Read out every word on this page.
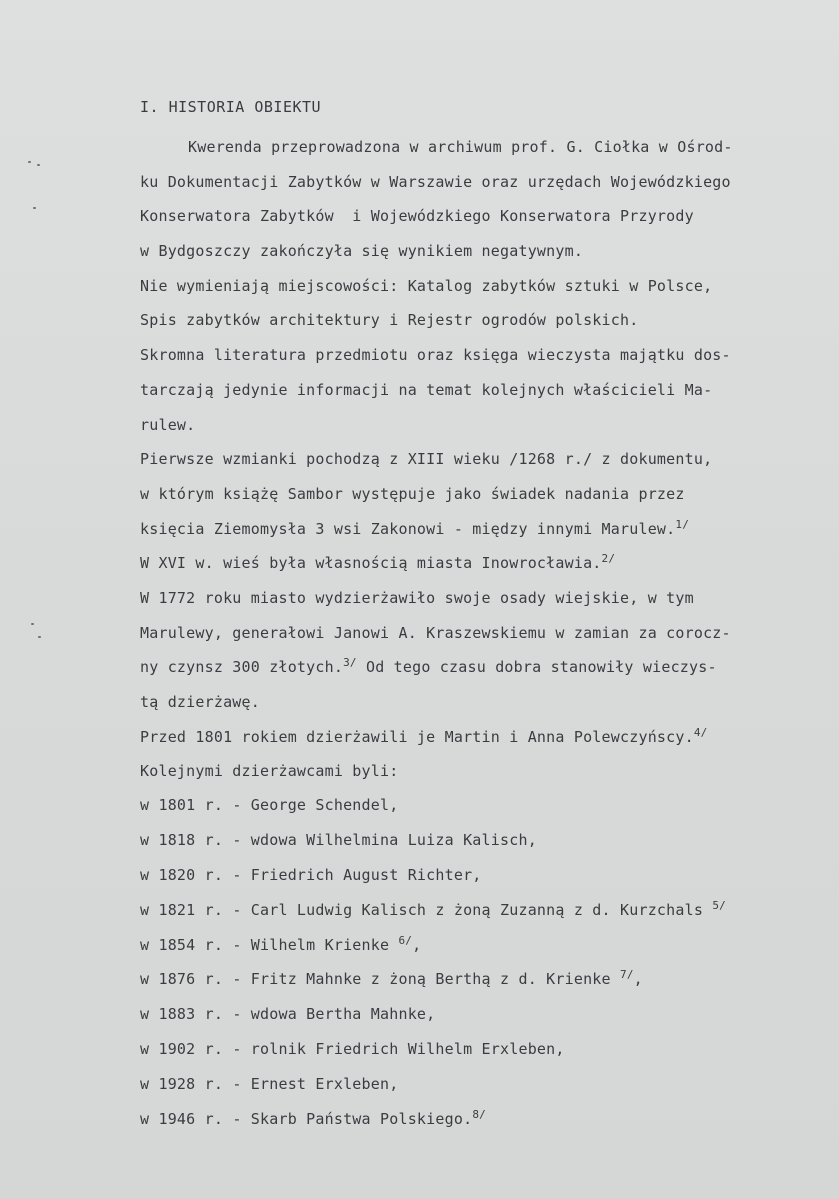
I. HISTORIA OBIEKTU
Kwerenda przeprowadzona w archiwum prof. G. Ciołka w Ośrod-
ku Dokumentacji Zabytków w Warszawie oraz urzędach Wojewódzkiego
Konserwatora Zabytków  i Wojewódzkiego Konserwatora Przyrody
w Bydgoszczy zakończyła się wynikiem negatywnym.
Nie wymieniają miejscowości: Katalog zabytków sztuki w Polsce,
Spis zabytków architektury i Rejestr ogrodów polskich.
Skromna literatura przedmiotu oraz księga wieczysta majątku dos-
tarczają jedynie informacji na temat kolejnych właścicieli Ma-
rulew.
Pierwsze wzmianki pochodzą z XIII wieku /1268 r./ z dokumentu,
w którym książę Sambor występuje jako świadek nadania przez
księcia Ziemomysła 3 wsi Zakonowi - między innymi Marulew.$^{1/}$
W XVI w. wieś była własnością miasta Inowrocławia.$^{2/}$
W 1772 roku miasto wydzierżawiło swoje osady wiejskie, w tym
Marulewy, generałowi Janowi A. Kraszewskiemu w zamian za corocz-
ny czynsz 300 złotych.$^{3/}$ Od tego czasu dobra stanowiły wieczys-
tą dzierżawę.
Przed 1801 rokiem dzierżawili je Martin i Anna Polewczyńscy.$^{4/}$
Kolejnymi dzierżawcami byli:
w 1801 r. - George Schendel,
w 1818 r. - wdowa Wilhelmina Luiza Kalisch,
w 1820 r. - Friedrich August Richter,
w 1821 r. - Carl Ludwig Kalisch z żoną Zuzanną z d. Kurzchals $^{5/}$
w 1854 r. - Wilhelm Krienke $^{6/}$,
w 1876 r. - Fritz Mahnke z żoną Berthą z d. Krienke $^{7/}$,
w 1883 r. - wdowa Bertha Mahnke,
w 1902 r. - rolnik Friedrich Wilhelm Erxleben,
w 1928 r. - Ernest Erxleben,
w 1946 r. - Skarb Państwa Polskiego.$^{8/}$
